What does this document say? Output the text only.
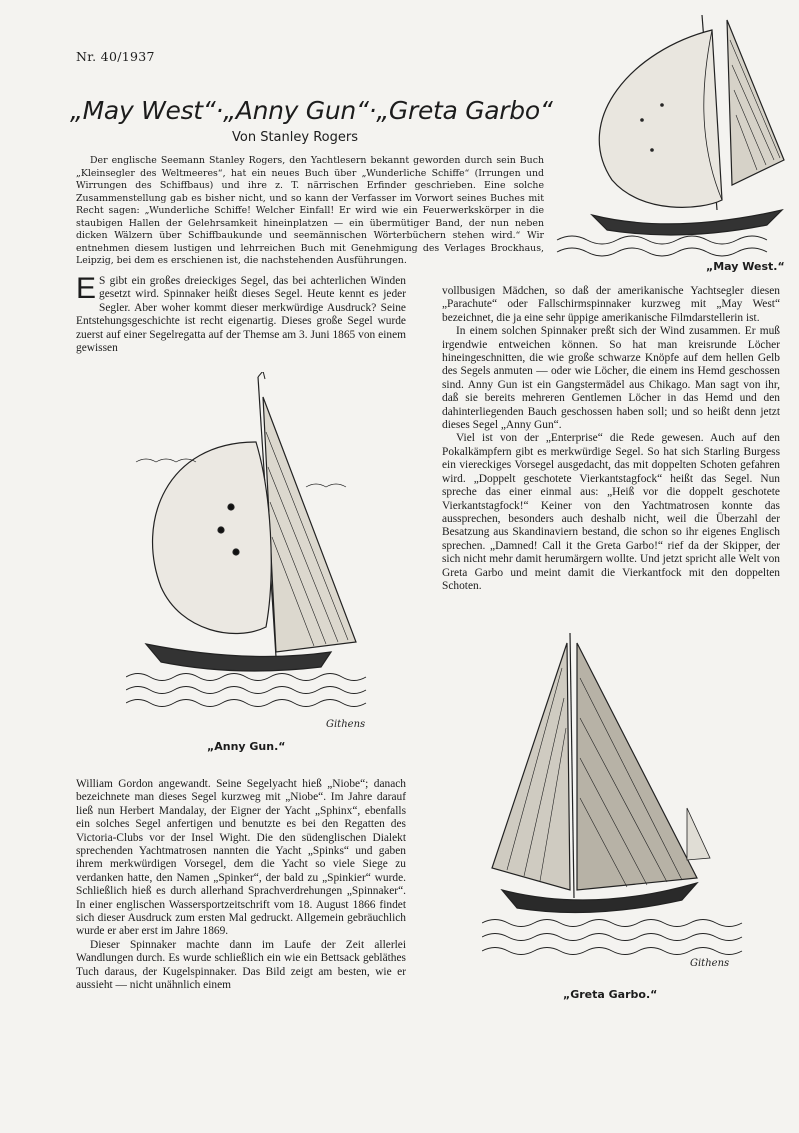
Nr. 40/1937
„May West“·„Anny Gun“·„Greta Garbo“
Von Stanley Rogers
Der englische Seemann Stanley Rogers, den Yachtlesern bekannt geworden durch sein Buch „Kleinsegler des Weltmeeres“, hat ein neues Buch über „Wunderliche Schiffe“ (Irrungen und Wirrungen des Schiffbaus) und ihre z. T. närrischen Erfinder geschrieben. Eine solche Zusammenstellung gab es bisher nicht, und so kann der Verfasser im Vorwort seines Buches mit Recht sagen: „Wunderliche Schiffe! Welcher Einfall! Er wird wie ein Feuerwerkskörper in die staubigen Hallen der Gelehrsamkeit hineinplatzen — ein übermütiger Band, der nun neben dicken Wälzern über Schiffbaukunde und seemännischen Wörterbüchern stehen wird.“ Wir entnehmen diesem lustigen und lehrreichen Buch mit Genehmigung des Verlages Brockhaus, Leipzig, bei dem es erschienen ist, die nachstehenden Ausführungen.	„May West.“

E S gibt ein großes dreieckiges Segel, das bei achterlichen Winden gesetzt wird. Spinnaker heißt dieses Segel. Heute kennt es jeder Segler. Aber woher kommt dieser merkwürdige Ausdruck? Seine Entstehungsgeschichte ist recht eigenartig. Dieses große Segel wurde zuerst auf einer Segelregatta auf der Themse am 3. Juni 1865 von einem gewissen

Githens
„Anny Gun.“

William Gordon angewandt. Seine Segelyacht hieß „Niobe“; danach bezeichnete man dieses Segel kurzweg mit „Niobe“. Im Jahre darauf ließ nun Herbert Mandalay, der Eigner der Yacht „Sphinx“, ebenfalls ein solches Segel anfertigen und benutzte es bei den Regatten des Victoria-Clubs vor der Insel Wight. Die den südenglischen Dialekt sprechenden Yachtmatrosen nannten die Yacht „Spinks“ und gaben ihrem merkwürdigen Vorsegel, dem die Yacht so viele Siege zu verdanken hatte, den Namen „Spinker“, der bald zu „Spinkier“ wurde. Schließlich hieß es durch allerhand Sprachverdrehungen „Spinnaker“. In einer englischen Wassersportzeitschrift vom 18. August 1866 findet sich dieser Ausdruck zum ersten Mal gedruckt. Allgemein gebräuchlich wurde er aber erst im Jahre 1869.

Dieser Spinnaker machte dann im Laufe der Zeit allerlei Wandlungen durch. Es wurde schließlich ein wie ein Bettsack gebläthes Tuch daraus, der Kugelspinnaker. Das Bild zeigt am besten, wie er aussieht — nicht unähnlich einem

vollbusigen Mädchen, so daß der amerikanische Yachtsegler diesen „Parachute“ oder Fallschirmspinnaker kurzweg mit „May West“ bezeichnet, die ja eine sehr üppige amerikanische Filmdarstellerin ist.

In einem solchen Spinnaker preßt sich der Wind zusammen. Er muß irgendwie entweichen können. So hat man kreisrunde Löcher hineingeschnitten, die wie große schwarze Knöpfe auf dem hellen Gelb des Segels anmuten — oder wie Löcher, die einem ins Hemd geschossen sind. Anny Gun ist ein Gangstermädel aus Chikago. Man sagt von ihr, daß sie bereits mehreren Gentlemen Löcher in das Hemd und den dahinterliegenden Bauch geschossen haben soll; und so heißt denn jetzt dieses Segel „Anny Gun“.

Viel ist von der „Enterprise“ die Rede gewesen. Auch auf den Pokalkämpfern gibt es merkwürdige Segel. So hat sich Starling Burgess ein viereckiges Vorsegel ausgedacht, das mit doppelten Schoten gefahren wird. „Doppelt geschotete Vierkantstagfock“ heißt das Segel. Nun spreche das einer einmal aus: „Heiß vor die doppelt geschotete Vierkantstagfock!“ Keiner von den Yachtmatrosen konnte das aussprechen, besonders auch deshalb nicht, weil die Überzahl der Besatzung aus Skandinaviern bestand, die schon so ihr eigenes Englisch sprechen. „Damned! Call it the Greta Garbo!“ rief da der Skipper, der sich nicht mehr damit herumärgern wollte. Und jetzt spricht alle Welt von Greta Garbo und meint damit die Vierkantfock mit den doppelten Schoten.

Githens
„Greta Garbo.“
